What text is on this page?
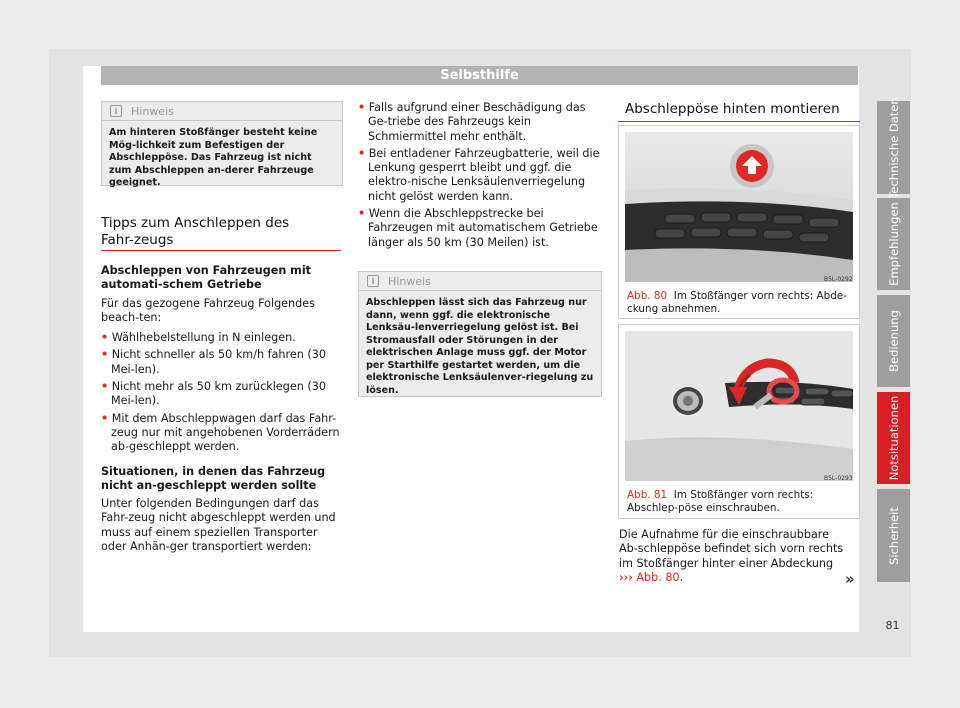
Selbsthilfe
i	Hinweis
Am hinteren Stoßfänger besteht keine Mög-lichkeit zum Befestigen der Abschleppöse. Das Fahrzeug ist nicht zum Abschleppen an-derer Fahrzeuge geeignet.
Tipps zum Anschleppen des Fahr-zeugs

Abschleppen von Fahrzeugen mit automati-schem Getriebe

Für das gezogene Fahrzeug Folgendes beach-ten:

• Wählhebelstellung in N einlegen.
• Nicht schneller als 50 km/h fahren (30 Mei-len).
• Nicht mehr als 50 km zurücklegen (30 Mei-len).
• Mit dem Abschleppwagen darf das Fahr-zeug nur mit angehobenen Vorderrädern ab-geschleppt werden.

Situationen, in denen das Fahrzeug nicht an-geschleppt werden sollte

Unter folgenden Bedingungen darf das Fahr-zeug nicht abgeschleppt werden und muss auf einem speziellen Transporter oder Anhän-ger transportiert werden:

• Falls aufgrund einer Beschädigung das Ge-triebe des Fahrzeugs kein Schmiermittel mehr enthält.
• Bei entladener Fahrzeugbatterie, weil die Lenkung gesperrt bleibt und ggf. die elektro-nische Lenksäulenverriegelung nicht gelöst werden kann.
• Wenn die Abschleppstrecke bei Fahrzeugen mit automatischem Getriebe länger als 50 km (30 Meilen) ist.
i	Hinweis
Abschleppen lässt sich das Fahrzeug nur dann, wenn ggf. die elektronische Lenksäu-lenverriegelung gelöst ist. Bei Stromausfall oder Störungen in der elektrischen Anlage muss ggf. der Motor per Starthilfe gestartet werden, um die elektronische Lenksäulenver-riegelung zu lösen.
Abschleppöse hinten montieren
B5L-0292
Abb. 80 Im Stoßfänger vorn rechts: Abde-ckung abnehmen.
B5L-0293
Abb. 81 Im Stoßfänger vorn rechts: Abschlep-pöse einschrauben.
Die Aufnahme für die einschraubbare Ab-schleppöse befindet sich vorn rechts im Stoßfänger hinter einer Abdeckung ››› Abb. 80.	»
Technische Daten
Empfehlungen
Bedienung
Notsituationen
Sicherheit
81
